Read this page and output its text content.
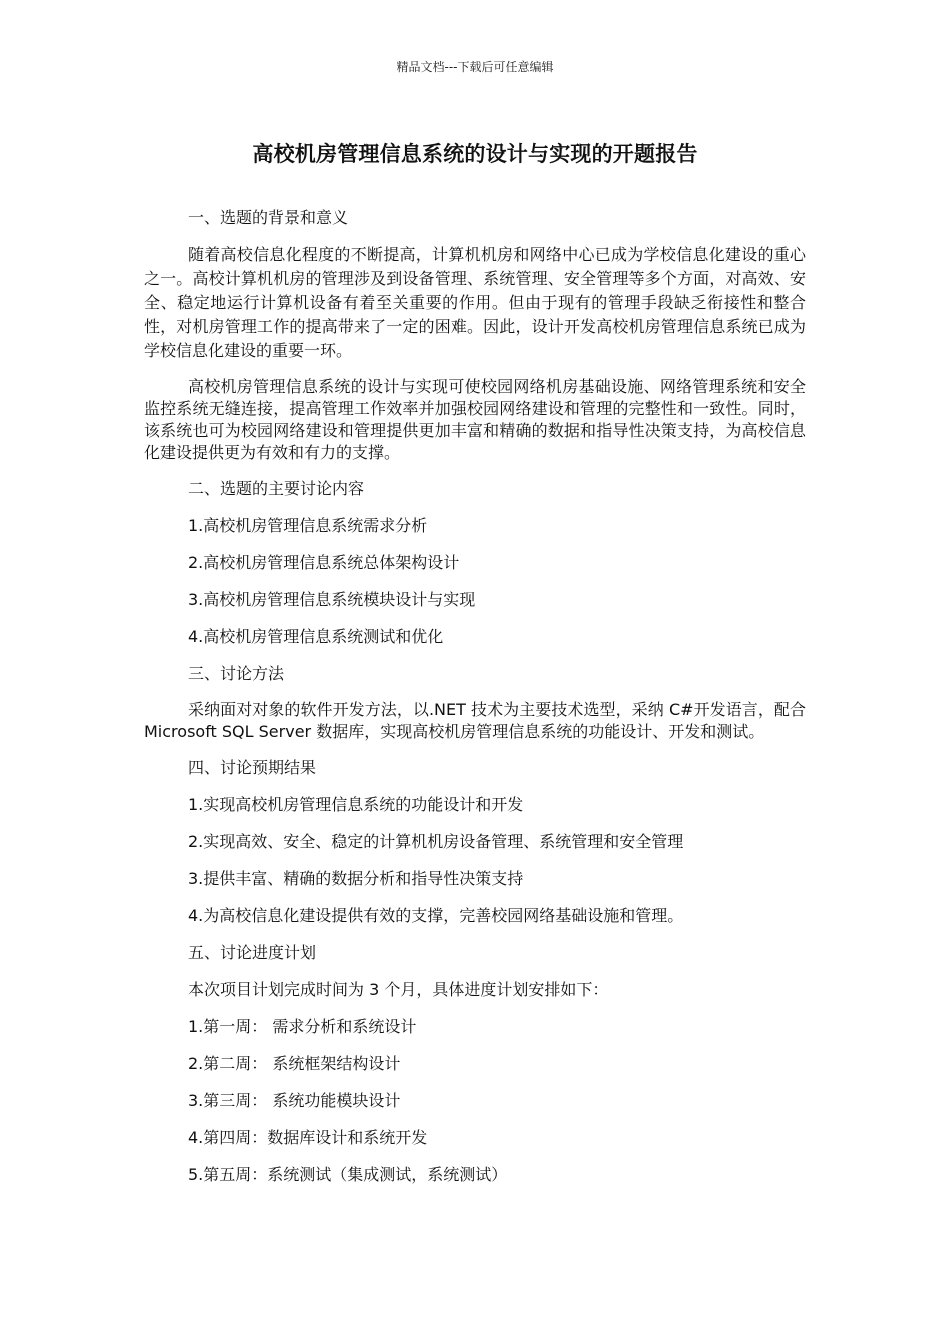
精品文档---下载后可任意编辑
高校机房管理信息系统的设计与实现的开题报告
一、选题的背景和意义
随着高校信息化程度的不断提高，计算机机房和网络中心已成为学校信息化建设的重心之一。高校计算机机房的管理涉及到设备管理、系统管理、安全管理等多个方面，对高效、安全、稳定地运行计算机设备有着至关重要的作用。但由于现有的管理手段缺乏衔接性和整合性，对机房管理工作的提高带来了一定的困难。因此，设计开发高校机房管理信息系统已成为学校信息化建设的重要一环。
高校机房管理信息系统的设计与实现可使校园网络机房基础设施、网络管理系统和安全监控系统无缝连接，提高管理工作效率并加强校园网络建设和管理的完整性和一致性。同时，该系统也可为校园网络建设和管理提供更加丰富和精确的数据和指导性决策支持，为高校信息化建设提供更为有效和有力的支撑。
二、选题的主要讨论内容
1.高校机房管理信息系统需求分析
2.高校机房管理信息系统总体架构设计
3.高校机房管理信息系统模块设计与实现
4.高校机房管理信息系统测试和优化
三、讨论方法
采纳面对对象的软件开发方法，以.NET 技术为主要技术选型，采纳 C#开发语言，配合 Microsoft SQL Server 数据库，实现高校机房管理信息系统的功能设计、开发和测试。
四、讨论预期结果
1.实现高校机房管理信息系统的功能设计和开发
2.实现高效、安全、稳定的计算机机房设备管理、系统管理和安全管理
3.提供丰富、精确的数据分析和指导性决策支持
4.为高校信息化建设提供有效的支撑，完善校园网络基础设施和管理。
五、讨论进度计划
本次项目计划完成时间为 3 个月，具体进度计划安排如下：
1.第一周： 需求分析和系统设计
2.第二周： 系统框架结构设计
3.第三周： 系统功能模块设计
4.第四周：数据库设计和系统开发
5.第五周：系统测试（集成测试，系统测试）
